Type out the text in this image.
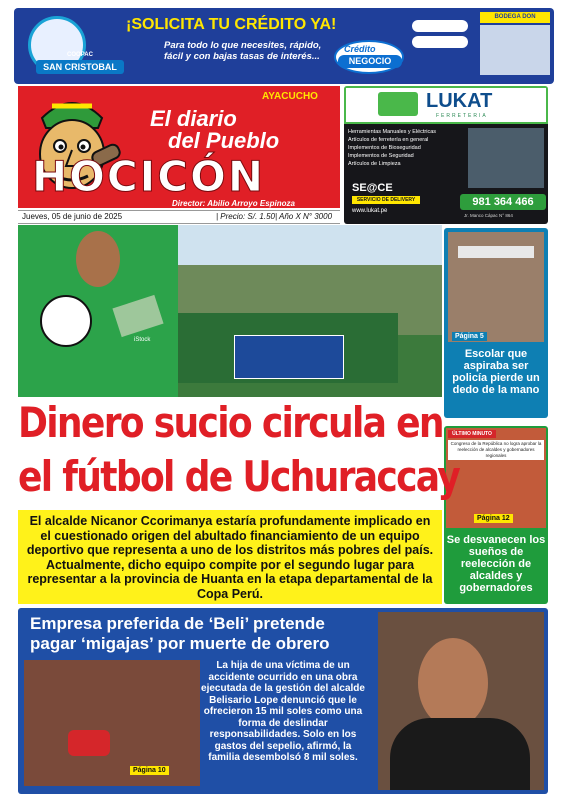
COOPAC
SAN CRISTOBAL
¡SOLICITA TU CRÉDITO YA!
Para todo lo que necesites, rápido, fácil y con bajas tasas de interés...
Crédito
NEGOCIO
BODEGA DON
AYACUCHO
El diario
del Pueblo
HOCICÓN
Director: Abilio Arroyo Espinoza
Jueves, 05 de junio de 2025	| Precio: S/. 1.50| Año X N° 3000
LUKAT
FERRETERIA
Herramientas Manuales y Eléctricas
Artículos de ferretería en general
Implementos de Bioseguridad
Implementos de Seguridad
Artículos de Limpieza
SE@CE
SERVICIO DE DELIVERY
www.lukat.pe
981 364 466
Jr. Manco Cápac N° 864
iStock	Página 5
Escolar que aspiraba ser policía pierde un dedo de la mano
ÚLTIMO MINUTO
Congreso de la República no logra aprobar la reelección de alcaldes y gobernadores regionales
Página 12
Se desvanecen los sueños de reelección de alcaldes y gobernadores
Dinero sucio circula en
el fútbol de Uchuraccay
El alcalde Nicanor Ccorimanya estaría profundamente implicado en el cuestionado origen del abultado financiamiento de un equipo deportivo que representa a uno de los distritos más pobres del país. Actualmente, dicho equipo compite por el segundo lugar para representar a la provincia de Huanta en la etapa departamental de la Copa Perú.
Empresa preferida de ‘Beli’ pretende
pagar ‘migajas’ por muerte de obrero
Página 10
La hija de una víctima de un accidente ocurrido en una obra ejecutada de la gestión del alcalde Belisario Lope denunció que le ofrecieron 15 mil soles como una forma de deslindar responsabilidades. Solo en los gastos del sepelio, afirmó, la familia desembolsó 8 mil soles.
